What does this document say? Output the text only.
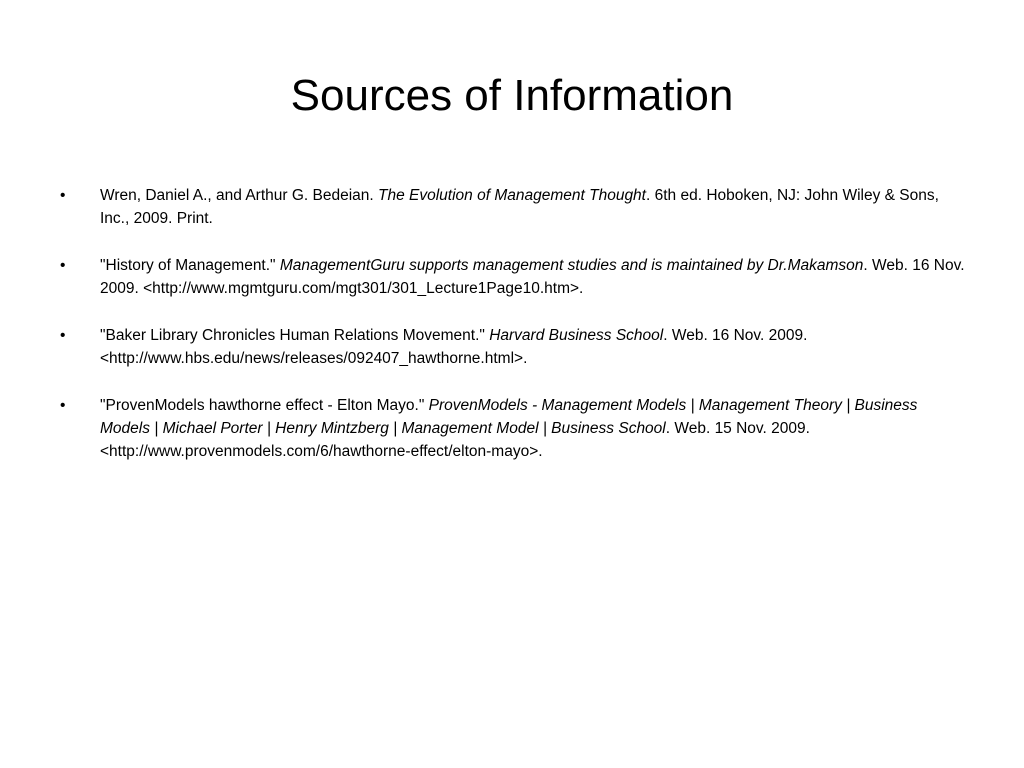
Sources of Information
•	Wren, Daniel A., and Arthur G. Bedeian. The Evolution of Management Thought. 6th ed. Hoboken, NJ: John Wiley & Sons, Inc., 2009. Print.
•	"History of Management." ManagementGuru supports management studies and is maintained by Dr.Makamson. Web. 16 Nov. 2009. <http://www.mgmtguru.com/mgt301/301_Lecture1Page10.htm>.
•	"Baker Library Chronicles Human Relations Movement." Harvard Business School. Web. 16 Nov. 2009. <http://www.hbs.edu/news/releases/092407_hawthorne.html>.
•	"ProvenModels hawthorne effect - Elton Mayo." ProvenModels - Management Models | Management Theory | Business Models | Michael Porter | Henry Mintzberg | Management Model | Business School. Web. 15 Nov. 2009. <http://www.provenmodels.com/6/hawthorne-effect/elton-mayo>.
